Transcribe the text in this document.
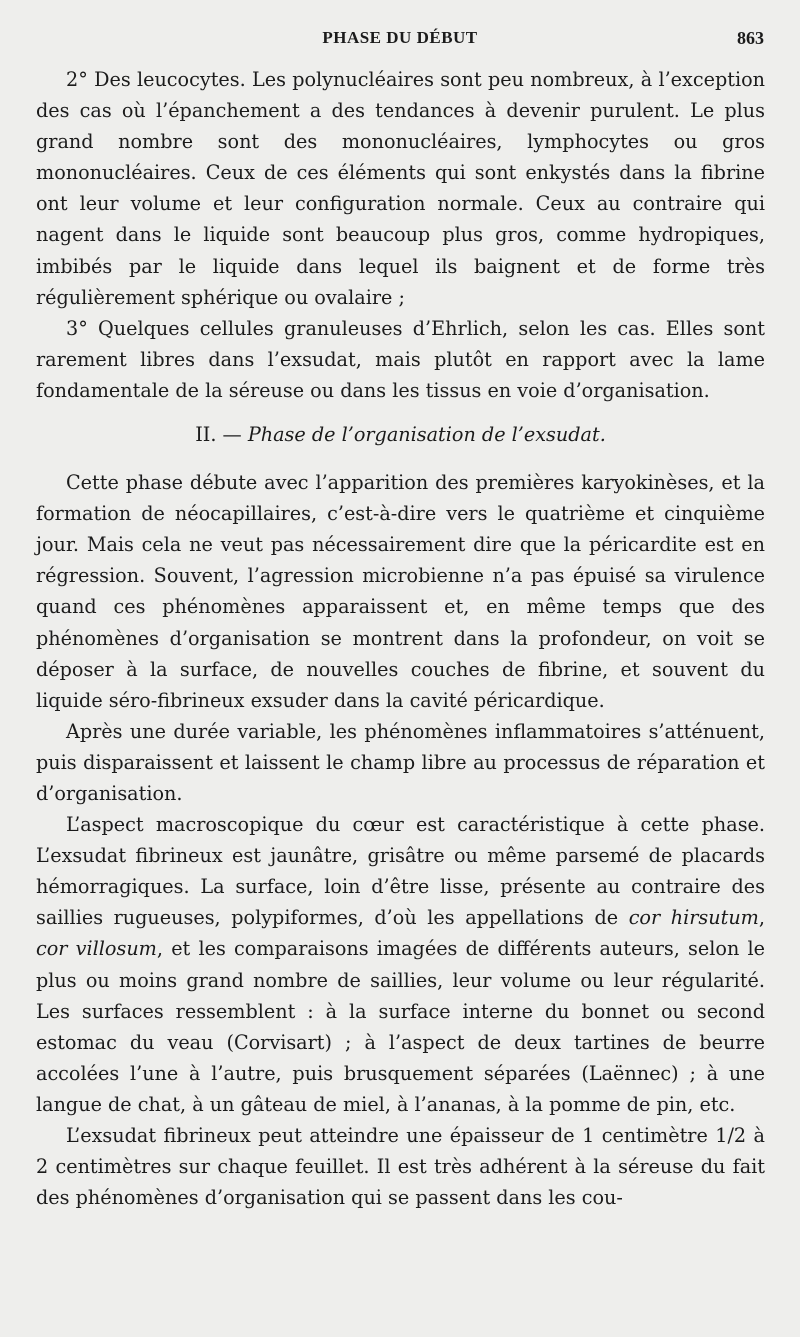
PHASE DU DÉBUT	863

2° Des leucocytes. Les polynucléaires sont peu nombreux, à l’exception des cas où l’épanchement a des tendances à devenir purulent. Le plus grand nombre sont des mononucléaires, lymphocytes ou gros mononucléaires. Ceux de ces éléments qui sont enkystés dans la fibrine ont leur volume et leur configuration normale. Ceux au contraire qui nagent dans le liquide sont beaucoup plus gros, comme hydropiques, imbibés par le liquide dans lequel ils baignent et de forme très régulièrement sphérique ou ovalaire ;

3° Quelques cellules granuleuses d’Ehrlich, selon les cas. Elles sont rarement libres dans l’exsudat, mais plutôt en rapport avec la lame fondamentale de la séreuse ou dans les tissus en voie d’organisation.

II. — Phase de l’organisation de l’exsudat.

Cette phase débute avec l’apparition des premières karyokinèses, et la formation de néocapillaires, c’est-à-dire vers le quatrième et cinquième jour. Mais cela ne veut pas nécessairement dire que la péricardite est en régression. Souvent, l’agression microbienne n’a pas épuisé sa virulence quand ces phénomènes apparaissent et, en même temps que des phénomènes d’organisation se montrent dans la profondeur, on voit se déposer à la surface, de nouvelles couches de fibrine, et souvent du liquide séro-fibrineux exsuder dans la cavité péricardique.

Après une durée variable, les phénomènes inflammatoires s’atténuent, puis disparaissent et laissent le champ libre au processus de réparation et d’organisation.

L’aspect macroscopique du cœur est caractéristique à cette phase. L’exsudat fibrineux est jaunâtre, grisâtre ou même parsemé de placards hémorragiques. La surface, loin d’être lisse, présente au contraire des saillies rugueuses, polypiformes, d’où les appellations de cor hirsutum, cor villosum, et les comparaisons imagées de différents auteurs, selon le plus ou moins grand nombre de saillies, leur volume ou leur régularité. Les surfaces ressemblent : à la surface interne du bonnet ou second estomac du veau (Corvisart) ; à l’aspect de deux tartines de beurre accolées l’une à l’autre, puis brusquement séparées (Laënnec) ; à une langue de chat, à un gâteau de miel, à l’ananas, à la pomme de pin, etc.

L’exsudat fibrineux peut atteindre une épaisseur de 1 centimètre 1/2 à 2 centimètres sur chaque feuillet. Il est très adhérent à la séreuse du fait des phénomènes d’organisation qui se passent dans les cou-
